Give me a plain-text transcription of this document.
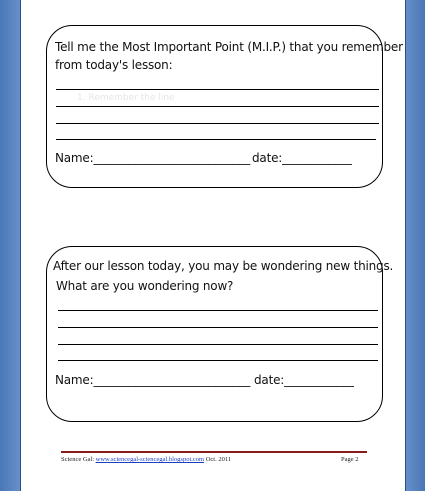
Tell me the Most Important Point (M.I.P.) that you remember
from today's lesson:
1. Remember the line
Name:___________________________ date:____________
After our lesson today, you may be wondering new things.
What are you wondering now?
Name:___________________________ date:____________
Science Gal: www.sciencegal-sciencegal.blogspot.com Oct. 2011	Page 2
